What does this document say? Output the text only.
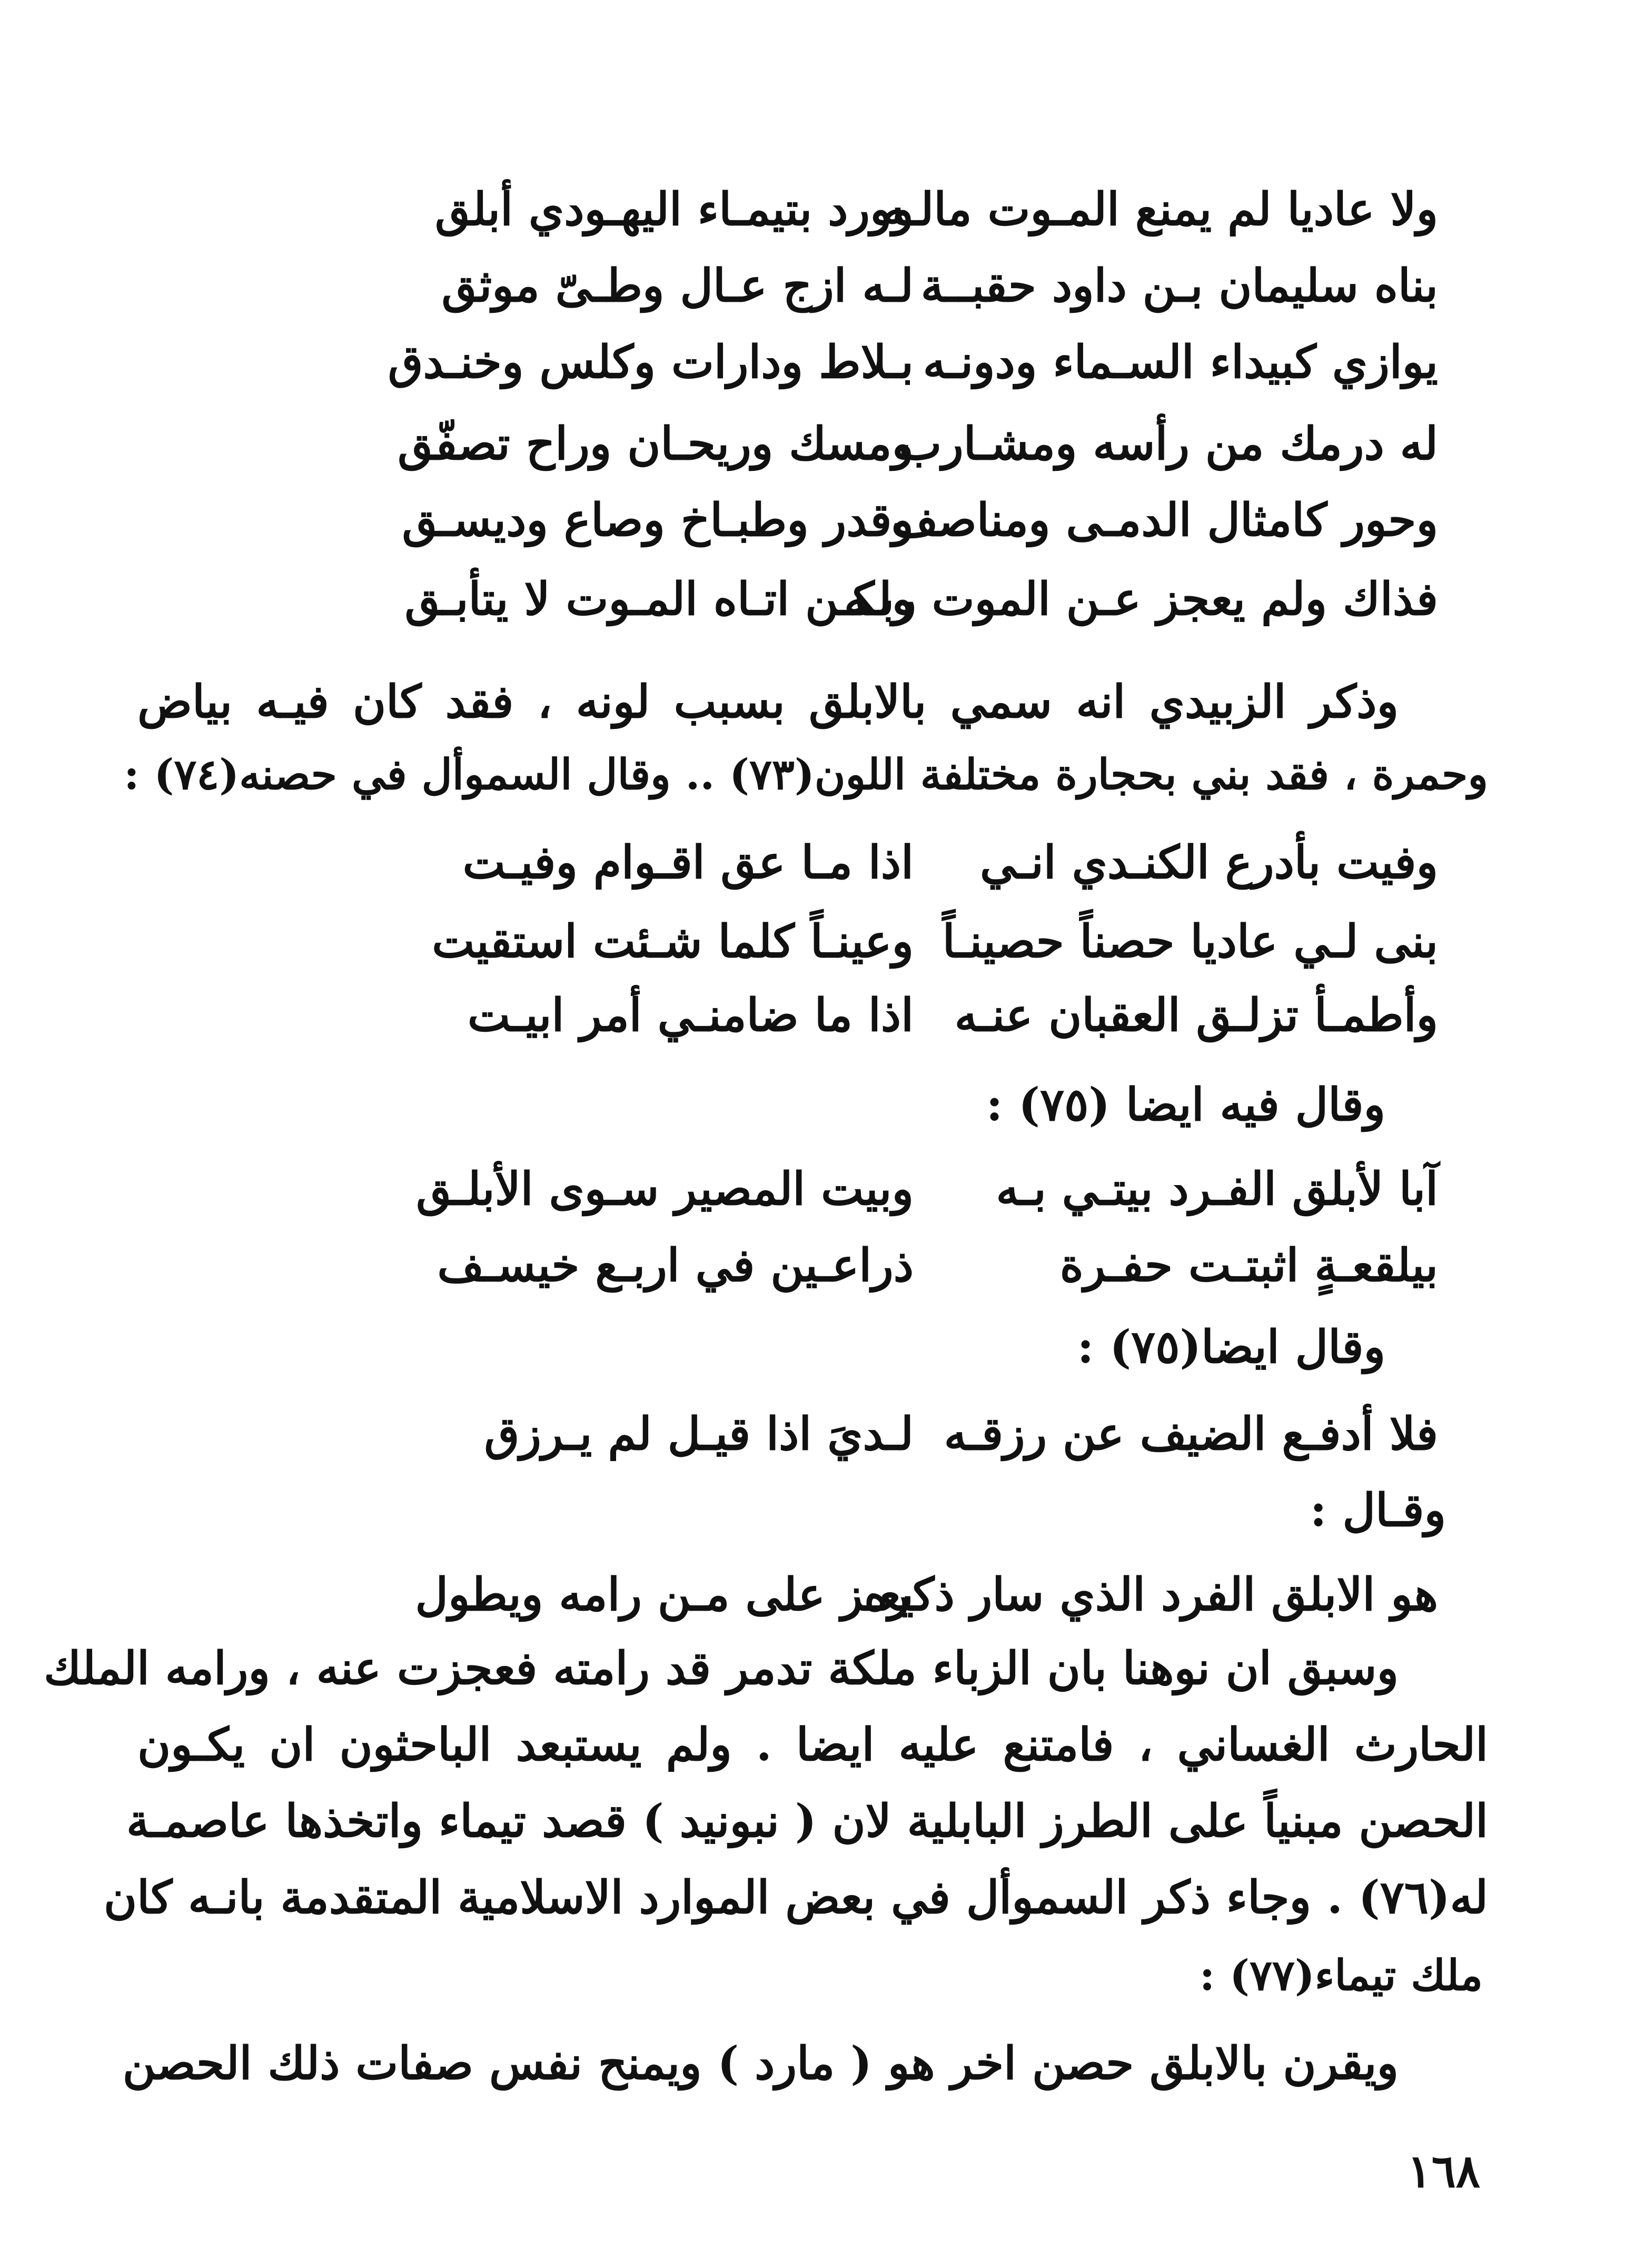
ولا عاديا لم يمنع المـوت مالـه
وورد بتيمـاء اليهـودي أبلق
بناه سليمان بـن داود حقبــة
لـه ازج عـال وطـىّ موثق
يوازي كبيداء السـماء ودونـه
بـلاط ودارات وكلس وخنـدق
له درمك من رأسه ومشـارب
ومسك وريحـان وراح تصفّق
وحور كامثال الدمـى ومناصف
وقدر وطبـاخ وصاع وديسـق
فذاك ولم يعجز عـن الموت ربـه
ولكـن اتـاه المـوت لا يتأبـق
وذكر الزبيدي انه سمي بالابلق بسبب لونه ، فقد كان فيـه بياض
وحمرة ، فقد بني بحجارة مختلفة اللون(٧٣) .. وقال السموأل في حصنه(٧٤) :
وفيت بأدرع الكنـدي انـي
اذا مـا عق اقـوام وفيـت
بنى لـي عاديا حصناً حصينـاً
وعينـاً كلما شـئت استقيت
وأطمـأ تزلـق العقبان عنـه
اذا ما ضامنـي أمر ابيـت
وقال فيه ايضا (٧٥) :
آبا لأبلق الفـرد بيتـي بـه
وبيت المصير سـوى الأبلـق
بيلقعـةٍ اثبتـت حفـرة
ذراعـين في اربـع خيسـف
وقال ايضا(٧٥) :
فلا أدفـع الضيف عن رزقـه
لـديَ اذا قيـل لم يـرزق
وقـال :
هو الابلق الفرد الذي سار ذكره
يعـز على مـن رامه ويطول
وسبق ان نوهنا بان الزباء ملكة تدمر قد رامته فعجزت عنه ، ورامه الملك
الحارث الغساني ، فامتنع عليه ايضا . ولم يستبعد الباحثون ان يكـون
الحصن مبنياً على الطرز البابلية لان ( نبونيد ) قصد تيماء واتخذها عاصمـة
له(٧٦) . وجاء ذكر السموأل في بعض الموارد الاسلامية المتقدمة بانـه كان
ملك تيماء(٧٧) :
ويقرن بالابلق حصن اخر هو ( مارد ) ويمنح نفس صفات ذلك الحصن
١٦٨
